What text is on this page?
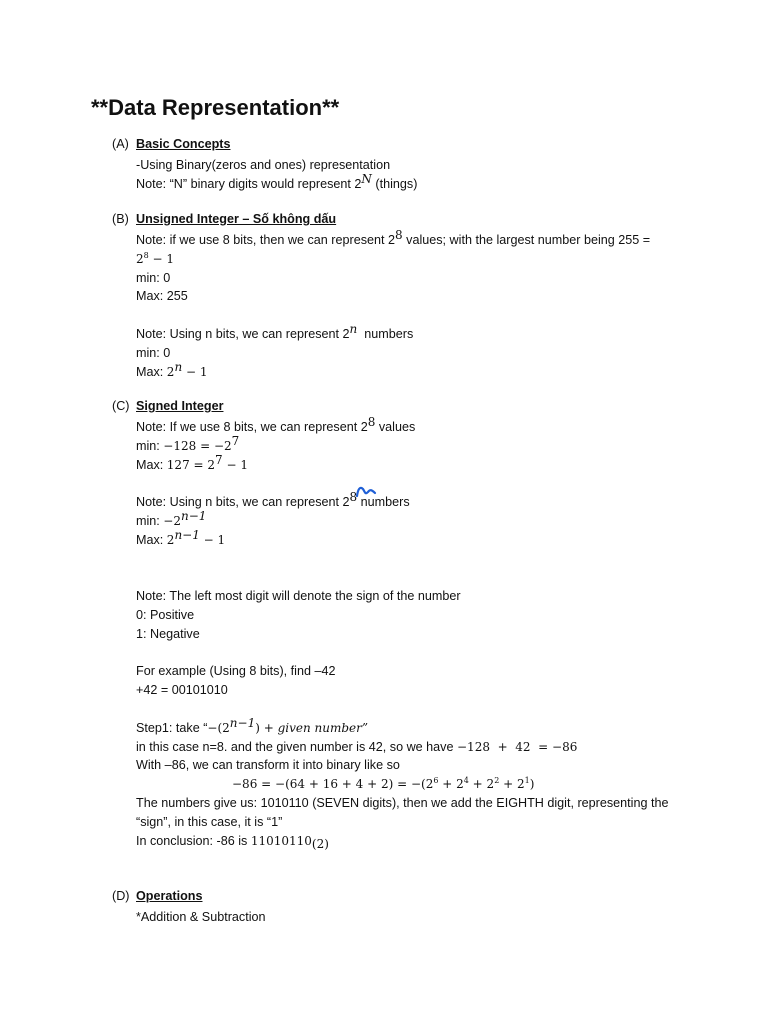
**Data Representation**
(A) Basic Concepts
-Using Binary(zeros and ones) representation
Note: “N” binary digits would represent $2^N$ (things)
(B) Unsigned Integer – Số không dấu
Note: if we use 8 bits, then we can represent $2^8$ values; with the largest number being 255 =
$2^8 - 1$
min: 0
Max: 255
Note: Using n bits, we can represent 2$^n$  numbers
min: 0
Max: $2^n - 1$
(C) Signed Integer
Note: If we use 8 bits, we can represent $2^8$ values
min: $-128 = -2^7$
Max: $127 = 2^7 - 1$
Note: Using n bits, we can represent $2^8$ numbers
min: $-2^{n-1}$
Max: $2^{n-1} - 1$
Note: The left most digit will denote the sign of the number
0: Positive
1: Negative
For example (Using 8 bits), find –42
+42 = 00101010
Step1: take “$-(2^{n-1})$ + given number”
in this case n=8. and the given number is 42, so we have −128  +  42  = −86
With –86, we can transform it into binary like so
$-86 = -(64 + 16 + 4 + 2) = -(2^6 + 2^4 + 2^2 + 2^1)$
The numbers give us: 1010110 (SEVEN digits), then we add the EIGHTH digit, representing the
“sign”, in this case, it is “1”
In conclusion: -86 is $11010110_{(2)}$
(D) Operations
*Addition & Subtraction
